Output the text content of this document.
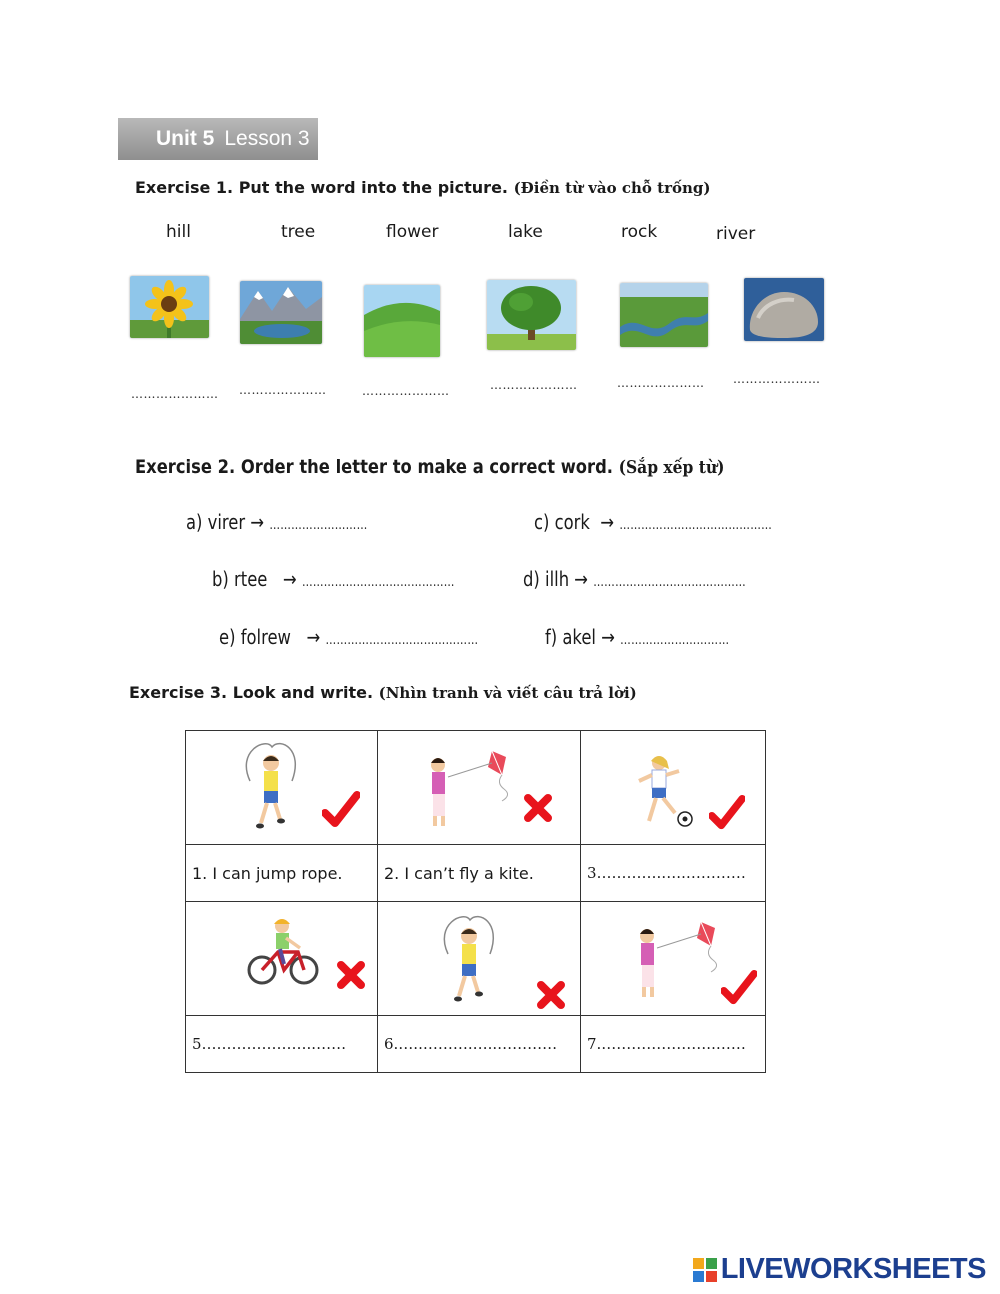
Unit 5 Lesson 3
Exercise 1. Put the word into the picture. (Điền từ vào chỗ trống)
hill	tree	flower	lake	rock	river
………………… …………………	…………………	…………………	………………… …………………
Exercise 2. Order the letter to make a correct word. (Sắp xếp từ)
a) virer → ………………………	c) cork → ……………………………………
b) rtee → ……………………………………	d) illh → ……………………………………
e) folrew → ……………………………………	f) akel → …………………………
Exercise 3. Look and write. (Nhìn tranh và viết câu trả lời)

1. I can jump rope.	2. I can’t fly a kite.	3………….…..…………

5…………………..……	6.…..……….…..…………	7.…………………..……
LIVEWORKSHEETS
